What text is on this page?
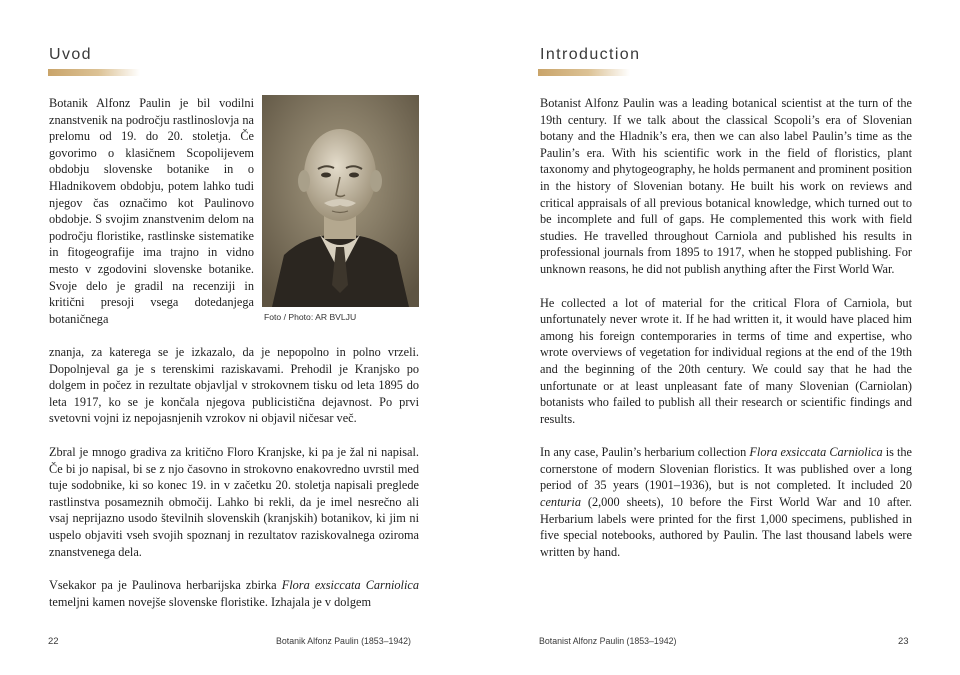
Uvod
Botanik Alfonz Paulin je bil vodilni znanstvenik na področju rastlinoslovja na prelomu od 19. do 20. stoletja. Če govorimo o klasičnem Scopolijevem obdobju slovenske botanike in o Hladnikovem obdobju, potem lahko tudi njegov čas označimo kot Paulinovo obdobje. S svojim znanstvenim delom na področju floristike, rastlinske sistematike in fitogeografije ima trajno in vidno mesto v zgodovini slovenske botanike. Svoje delo je gradil na recenziji in kritični presoji vsega dotedanjega botaničnega	Foto / Photo: AR BVLJU

znanja, za katerega se je izkazalo, da je nepopolno in polno vrzeli. Dopolnjeval ga je s terenskimi raziskavami. Prehodil je Kranjsko po dolgem in počez in rezultate objavljal v strokovnem tisku od leta 1895 do leta 1917, ko se je končala njegova publicistična dejavnost. Po prvi svetovni vojni iz nepojasnjenih vzrokov ni objavil ničesar več.

Zbral je mnogo gradiva za kritično Floro Kranjske, ki pa je žal ni napisal. Če bi jo napisal, bi se z njo časovno in strokovno enakovredno uvrstil med tuje sodobnike, ki so konec 19. in v začetku 20. stoletja napisali preglede rastlinstva posameznih območij. Lahko bi rekli, da je imel nesrečno ali vsaj neprijazno usodo številnih slovenskih (kranjskih) botanikov, ki jim ni uspelo objaviti vseh svojih spoznanj in rezultatov raziskovalnega oziroma znanstvenega dela.

Vsekakor pa je Paulinova herbarijska zbirka Flora exsiccata Carniolica temeljni kamen novejše slovenske floristike. Izhajala je v dolgem

22	Botanik Alfonz Paulin (1853–1942)
Introduction

Botanist Alfonz Paulin was a leading botanical scientist at the turn of the 19th century. If we talk about the classical Scopoli’s era of Slovenian botany and the Hladnik’s era, then we can also label Paulin’s time as the Paulin’s era. With his scientific work in the field of floristics, plant taxonomy and phytogeography, he holds permanent and prominent position in the history of Slovenian botany. He built his work on reviews and critical appraisals of all previous botanical knowledge, which turned out to be incomplete and full of gaps. He complemented this work with field studies. He travelled throughout Carniola and published his results in professional journals from 1895 to 1917, when he stopped publishing. For unknown reasons, he did not publish anything after the First World War.

He collected a lot of material for the critical Flora of Carniola, but unfortunately never wrote it. If he had written it, it would have placed him among his foreign contemporaries in terms of time and expertise, who wrote overviews of vegetation for individual regions at the end of the 19th and the beginning of the 20th century. We could say that he had the unfortunate or at least unpleasant fate of many Slovenian (Carniolan) botanists who failed to publish all their research or scientific findings and results.

In any case, Paulin’s herbarium collection Flora exsiccata Carniolica is the cornerstone of modern Slovenian floristics. It was published over a long period of 35 years (1901–1936), but is not completed. It included 20 centuria (2,000 sheets), 10 before the First World War and 10 after. Herbarium labels were printed for the first 1,000 specimens, published in five special notebooks, authored by Paulin. The last thousand labels were written by hand.

Botanist Alfonz Paulin (1853–1942)	23
